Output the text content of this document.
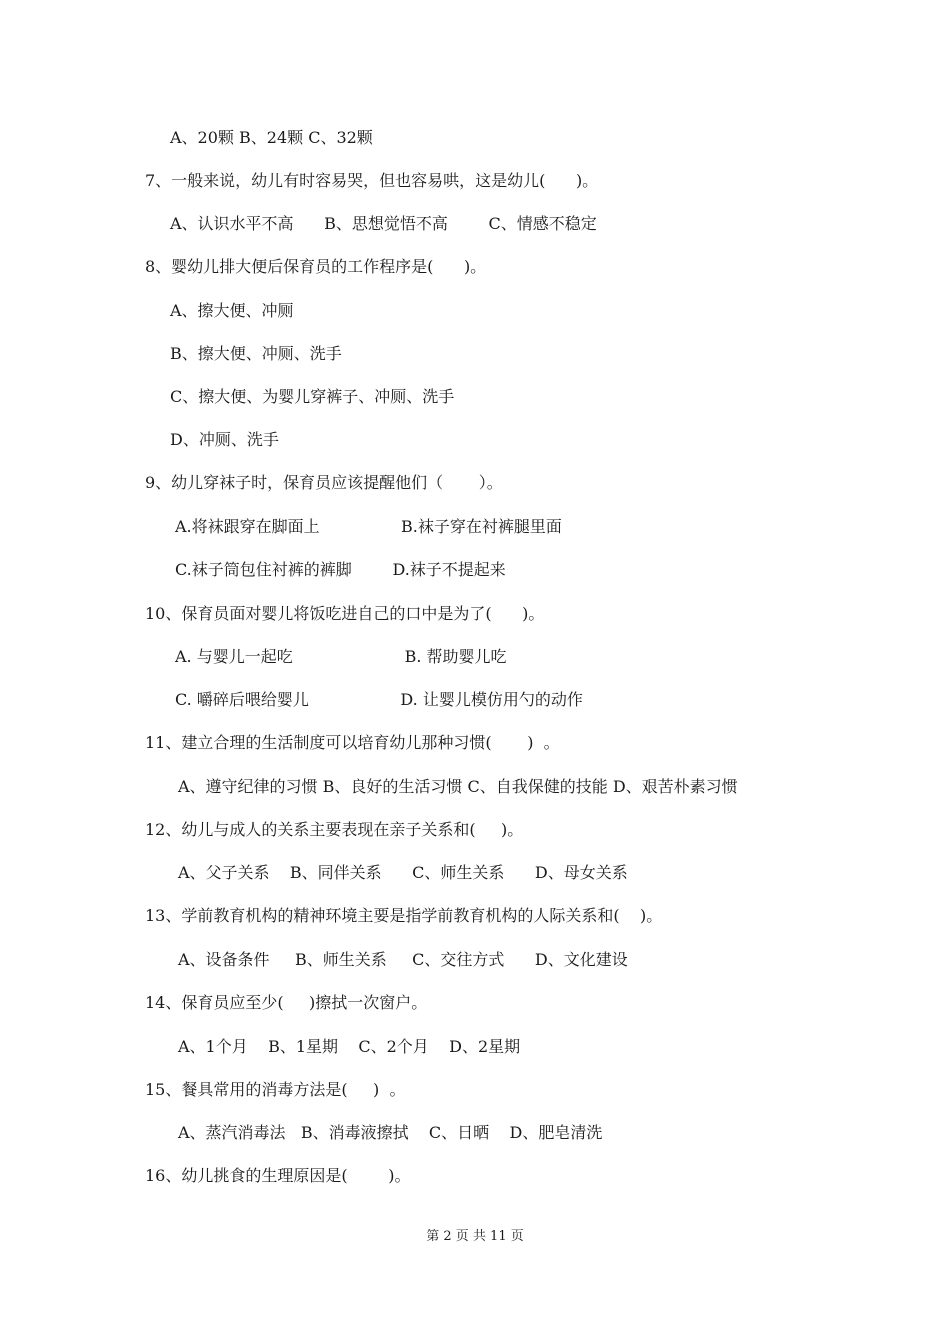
A、20颗 B、24颗 C、32颗
7、一般来说，幼儿有时容易哭，但也容易哄，这是幼儿(      )。
A、认识水平不高      B、思想觉悟不高        C、情感不稳定
8、婴幼儿排大便后保育员的工作程序是(      )。
A、擦大便、冲厕
B、擦大便、冲厕、洗手
C、擦大便、为婴儿穿裤子、冲厕、洗手
D、冲厕、洗手
9、幼儿穿袜子时，保育员应该提醒他们（       ）。
A.将袜跟穿在脚面上                B.袜子穿在衬裤腿里面
C.袜子筒包住衬裤的裤脚        D.袜子不提起来
10、保育员面对婴儿将饭吃进自己的口中是为了(      )。
A. 与婴儿一起吃                      B. 帮助婴儿吃
C. 嚼碎后喂给婴儿                  D. 让婴儿模仿用勺的动作
11、建立合理的生活制度可以培育幼儿那种习惯(       )  。
A、遵守纪律的习惯 B、良好的生活习惯 C、自我保健的技能 D、艰苦朴素习惯
12、幼儿与成人的关系主要表现在亲子关系和(     )。
A、父子关系    B、同伴关系      C、师生关系      D、母女关系
13、学前教育机构的精神环境主要是指学前教育机构的人际关系和(    )。
A、设备条件     B、师生关系     C、交往方式      D、文化建设
14、保育员应至少(     )擦拭一次窗户。
A、1个月    B、1星期    C、2个月    D、2星期
15、餐具常用的消毒方法是(     )  。
A、蒸汽消毒法   B、消毒液擦拭    C、日晒    D、肥皂清洗
16、幼儿挑食的生理原因是(        )。
第 2 页 共 11 页
